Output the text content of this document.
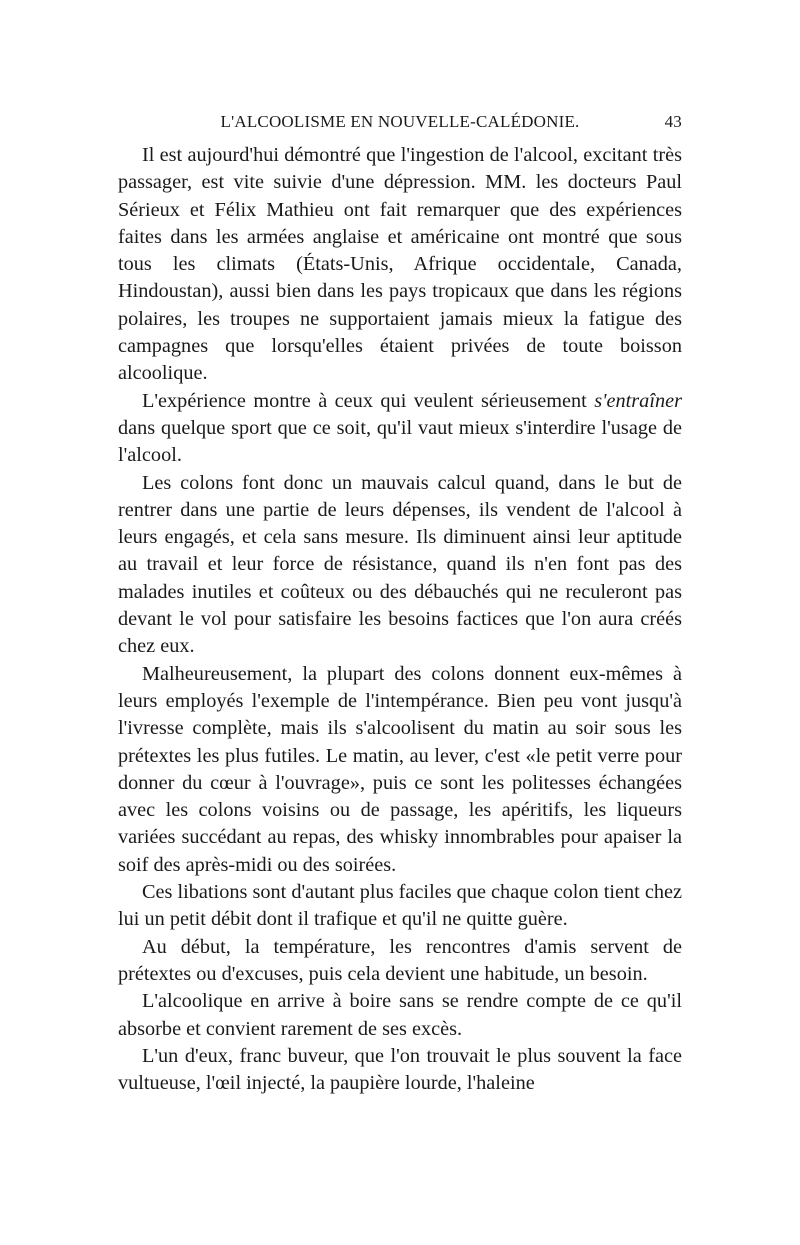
L'ALCOOLISME EN NOUVELLE-CALÉDONIE.	43

Il est aujourd'hui démontré que l'ingestion de l'alcool, excitant très passager, est vite suivie d'une dépression. MM. les docteurs Paul Sérieux et Félix Mathieu ont fait remarquer que des expériences faites dans les armées anglaise et américaine ont montré que sous tous les climats (États-Unis, Afrique occidentale, Canada, Hindoustan), aussi bien dans les pays tropicaux que dans les régions polaires, les troupes ne supportaient jamais mieux la fatigue des campagnes que lorsqu'elles étaient privées de toute boisson alcoolique.

L'expérience montre à ceux qui veulent sérieusement s'entraîner dans quelque sport que ce soit, qu'il vaut mieux s'interdire l'usage de l'alcool.

Les colons font donc un mauvais calcul quand, dans le but de rentrer dans une partie de leurs dépenses, ils vendent de l'alcool à leurs engagés, et cela sans mesure. Ils diminuent ainsi leur aptitude au travail et leur force de résistance, quand ils n'en font pas des malades inutiles et coûteux ou des débauchés qui ne reculeront pas devant le vol pour satisfaire les besoins factices que l'on aura créés chez eux.

Malheureusement, la plupart des colons donnent eux-mêmes à leurs employés l'exemple de l'intempérance. Bien peu vont jusqu'à l'ivresse complète, mais ils s'alcoolisent du matin au soir sous les prétextes les plus futiles. Le matin, au lever, c'est «le petit verre pour donner du cœur à l'ouvrage», puis ce sont les politesses échangées avec les colons voisins ou de passage, les apéritifs, les liqueurs variées succédant au repas, des whisky innombrables pour apaiser la soif des après-midi ou des soirées.

Ces libations sont d'autant plus faciles que chaque colon tient chez lui un petit débit dont il trafique et qu'il ne quitte guère.

Au début, la température, les rencontres d'amis servent de prétextes ou d'excuses, puis cela devient une habitude, un besoin.

L'alcoolique en arrive à boire sans se rendre compte de ce qu'il absorbe et convient rarement de ses excès.

L'un d'eux, franc buveur, que l'on trouvait le plus souvent la face vultueuse, l'œil injecté, la paupière lourde, l'haleine
